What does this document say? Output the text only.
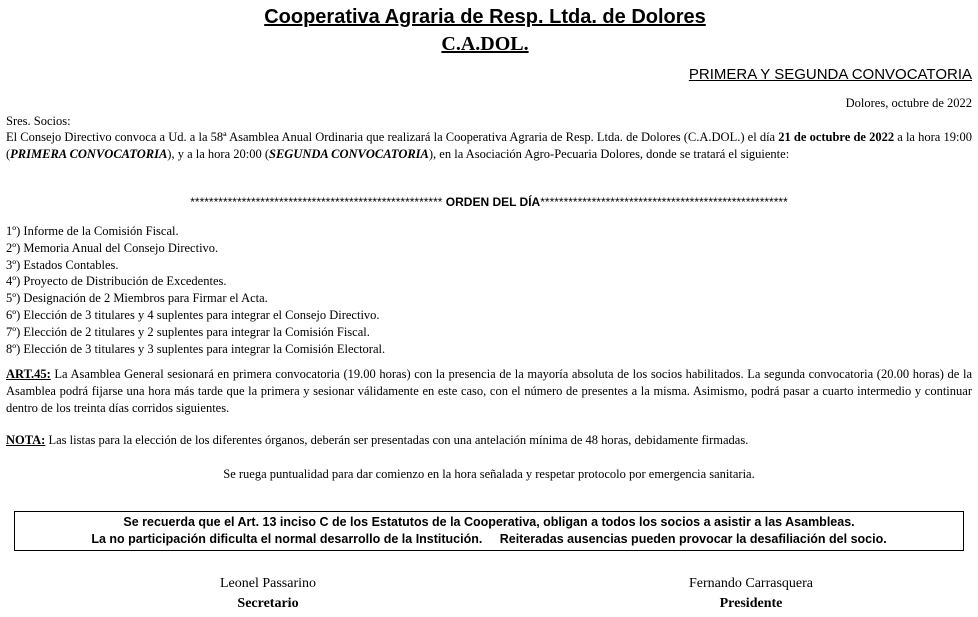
Cooperativa Agraria de Resp. Ltda. de Dolores
C.A.DOL.
PRIMERA Y SEGUNDA CONVOCATORIA
Dolores, octubre de 2022
Sres. Socios:
El Consejo Directivo convoca a Ud. a la 58ª Asamblea Anual Ordinaria que realizará la Cooperativa Agraria de Resp. Ltda. de Dolores (C.A.DOL.) el día 21 de octubre de 2022 a la hora 19:00 (PRIMERA CONVOCATORIA), y a la hora 20:00 (SEGUNDA CONVOCATORIA), en la Asociación Agro-Pecuaria Dolores, donde se tratará el siguiente:
****************************************************** ORDEN DEL DÍA*****************************************************
1º) Informe de la Comisión Fiscal.
2º) Memoria Anual del Consejo Directivo.
3º) Estados Contables.
4º) Proyecto de Distribución de Excedentes.
5º) Designación de 2 Miembros para Firmar el Acta.
6º) Elección de 3 titulares y 4 suplentes para integrar el Consejo Directivo.
7º) Elección de 2 titulares y 2 suplentes para integrar la Comisión Fiscal.
8º) Elección de 3 titulares y 3 suplentes para integrar la Comisión Electoral.
ART.45: La Asamblea General sesionará en primera convocatoria (19.00 horas) con la presencia de la mayoría absoluta de los socios habilitados. La segunda convocatoria (20.00 horas) de la Asamblea podrá fijarse una hora más tarde que la primera y sesionar válidamente en este caso, con el número de presentes a la misma. Asimismo, podrá pasar a cuarto intermedio y continuar dentro de los treinta días corridos siguientes.
NOTA: Las listas para la elección de los diferentes órganos, deberán ser presentadas con una antelación mínima de 48 horas, debidamente firmadas.
Se ruega puntualidad para dar comienzo en la hora señalada y respetar protocolo por emergencia sanitaria.
Se recuerda que el Art. 13 inciso C de los Estatutos de la Cooperativa, obligan a todos los socios a asistir a las Asambleas.
La no participación dificulta el normal desarrollo de la Institución. Reiteradas ausencias pueden provocar la desafiliación del socio.
Leonel Passarino
Secretario
Fernando Carrasquera
Presidente
